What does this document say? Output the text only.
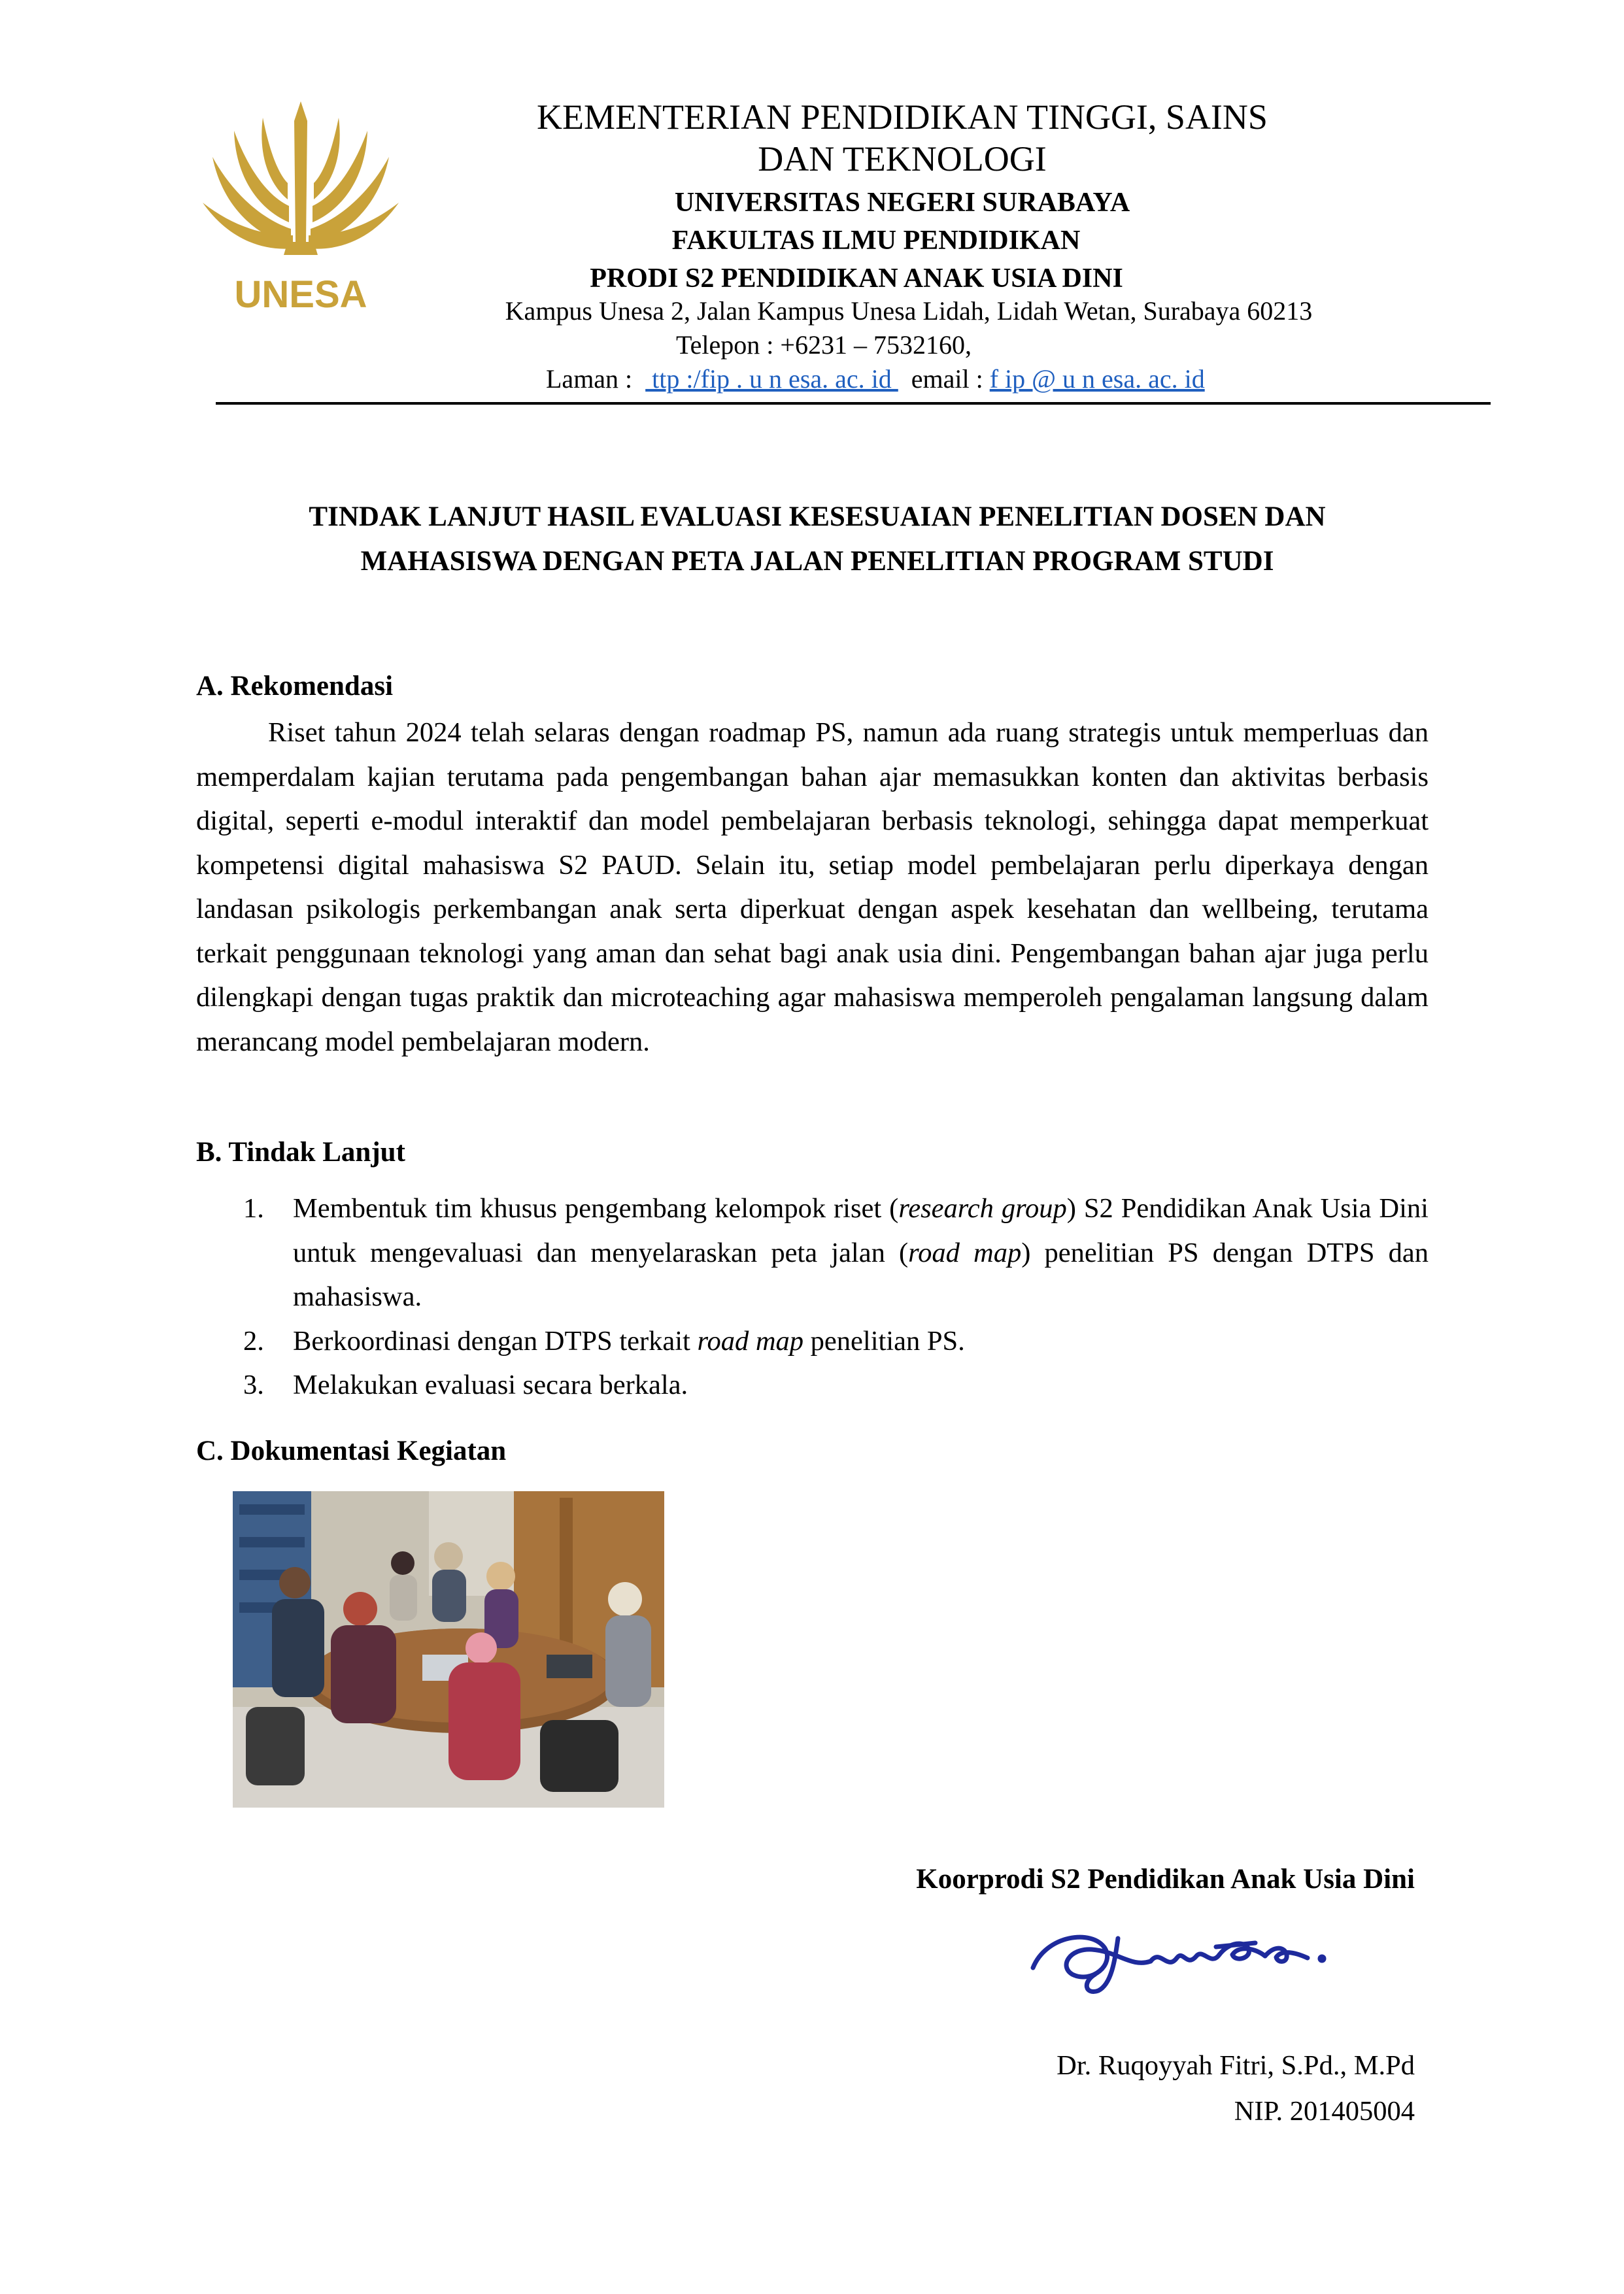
UNESA
KEMENTERIAN PENDIDIKAN TINGGI, SAINS
DAN TEKNOLOGI
UNIVERSITAS NEGERI SURABAYA
FAKULTAS ILMU PENDIDIKAN
PRODI S2 PENDIDIKAN ANAK USIA DINI
Kampus Unesa 2, Jalan Kampus Unesa Lidah, Lidah Wetan, Surabaya 60213
Telepon : +6231 – 7532160,
Laman :   ttp :/fip . u n esa. ac. id   email : f ip @ u n esa. ac. id
TINDAK LANJUT HASIL EVALUASI KESESUAIAN PENELITIAN DOSEN DAN
MAHASISWA DENGAN PETA JALAN PENELITIAN PROGRAM STUDI
A. Rekomendasi
Riset tahun 2024 telah selaras dengan roadmap PS, namun ada ruang strategis untuk memperluas dan memperdalam kajian terutama pada pengembangan bahan ajar memasukkan konten dan aktivitas berbasis digital, seperti e-modul interaktif dan model pembelajaran berbasis teknologi, sehingga dapat memperkuat kompetensi digital mahasiswa S2 PAUD. Selain itu, setiap model pembelajaran perlu diperkaya dengan landasan psikologis perkembangan anak serta diperkuat dengan aspek kesehatan dan wellbeing, terutama terkait penggunaan teknologi yang aman dan sehat bagi anak usia dini. Pengembangan bahan ajar juga perlu dilengkapi dengan tugas praktik dan microteaching agar mahasiswa memperoleh pengalaman langsung dalam merancang model pembelajaran modern.
B. Tindak Lanjut
1. Membentuk tim khusus pengembang kelompok riset (research group) S2 Pendidikan Anak Usia Dini untuk mengevaluasi dan menyelaraskan peta jalan (road map) penelitian PS dengan DTPS dan mahasiswa.
2. Berkoordinasi dengan DTPS terkait road map penelitian PS.
3. Melakukan evaluasi secara berkala.
C. Dokumentasi Kegiatan
Koorprodi S2 Pendidikan Anak Usia Dini
Dr. Ruqoyyah Fitri, S.Pd., M.Pd
NIP. 201405004
